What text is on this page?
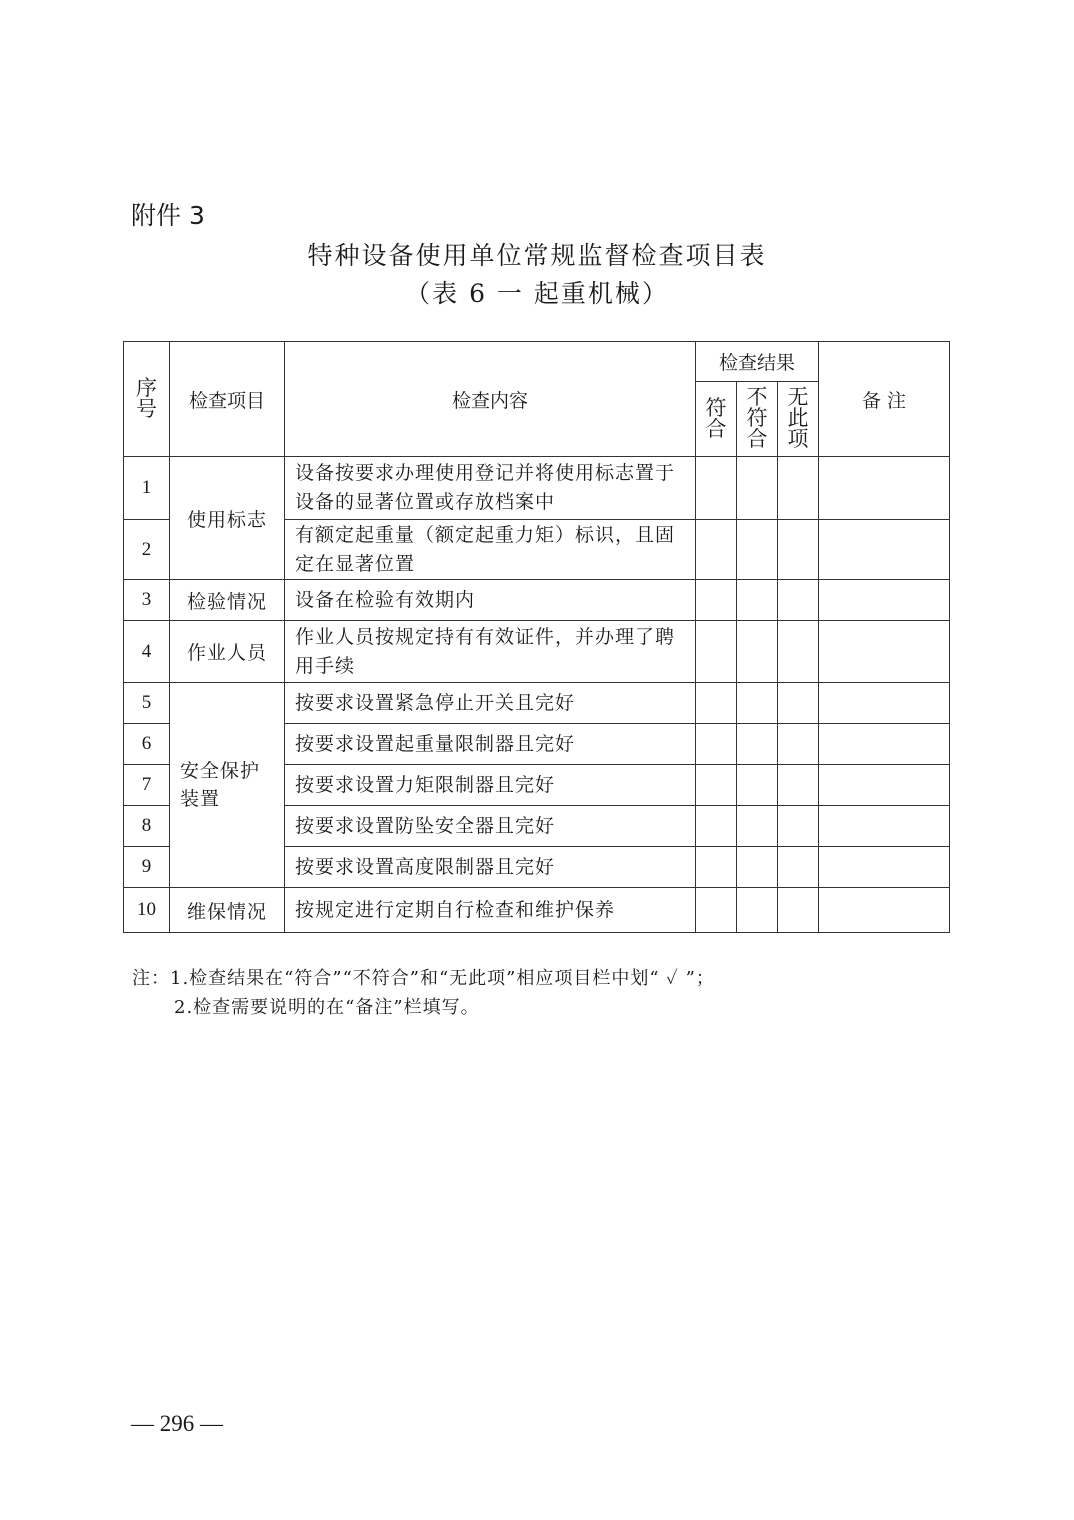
附件 3
特种设备使用单位常规监督检查项目表
（表 6 一 起重机械）
序号	检查项目	检查内容	检查结果			备 注
			符合	不符合	无此项	
1	使用标志	设备按要求办理使用登记并将使用标志置于设备的显著位置或存放档案中				
2		有额定起重量（额定起重力矩）标识，且固定在显著位置				
3	检验情况	设备在检验有效期内				
4	作业人员	作业人员按规定持有有效证件，并办理了聘用手续				
5	安全保护装置	按要求设置紧急停止开关且完好				
6		按要求设置起重量限制器且完好				
7		按要求设置力矩限制器且完好				
8		按要求设置防坠安全器且完好				
9		按要求设置高度限制器且完好				
10	维保情况	按规定进行定期自行检查和维护保养				
注：1.检查结果在“符合”“不符合”和“无此项”相应项目栏中划“ ✓ ”；
2.检查需要说明的在“备注”栏填写。
— 296 —
